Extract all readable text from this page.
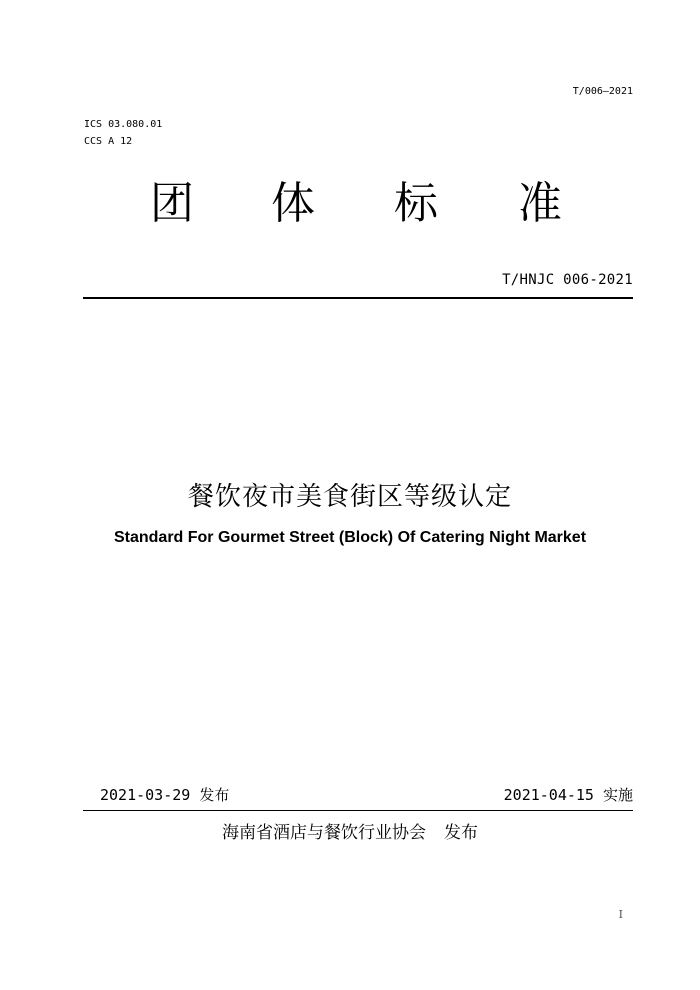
T/006—2021
ICS 03.080.01
CCS A 12
团 体 标 准
T/HNJC 006-2021
餐饮夜市美食街区等级认定
Standard For Gourmet Street (Block) Of Catering Night Market
2021-03-29 发布	2021-04-15 实施
海南省酒店与餐饮行业协会 发布
I
